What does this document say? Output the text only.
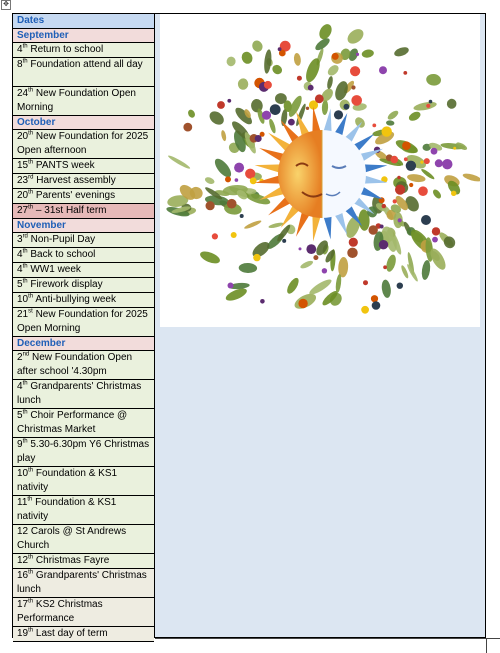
✥
Dates
September
4th Return to school
8th Foundation attend all day
24th New Foundation Open Morning
October
20th New Foundation for 2025 Open afternoon
15th PANTS week
23rd Harvest assembly
20th Parents' evenings
27th – 31st Half term
November
3rd Non-Pupil Day
4th Back to school
4th WW1 week
5th Firework display
10th Anti-bullying week
21st New Foundation for 2025 Open Morning
December
2nd New Foundation Open after school '4.30pm
4th Grandparents' Christmas lunch
5th Choir Performance @ Christmas Market
9th 5.30-6.30pm Y6 Christmas play
10th Foundation & KS1 nativity
11th Foundation & KS1 nativity
12 Carols @ St Andrews Church
12th Christmas Fayre
16th Grandparents' Christmas lunch
17th KS2 Christmas Performance
19th Last day of term
